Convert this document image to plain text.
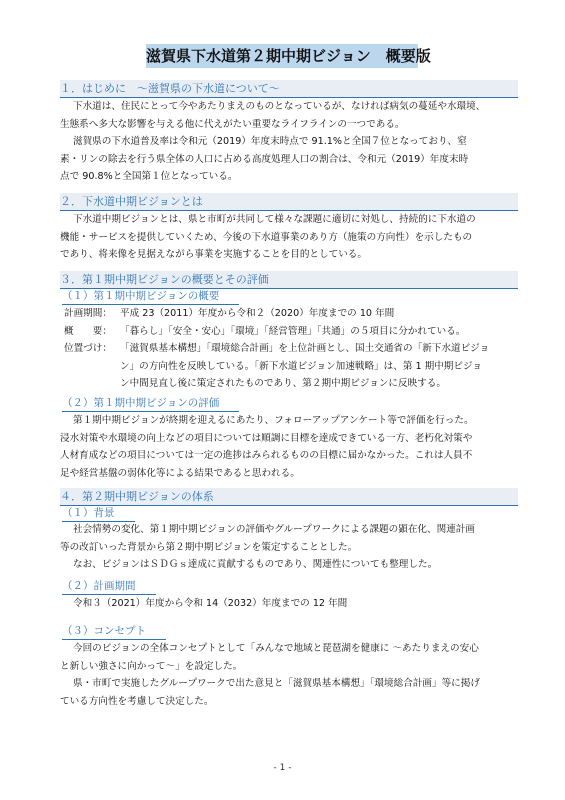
滋賀県下水道第２期中期ビジョン　概要版
１．はじめに　～滋賀県の下水道について～
下水道は、住民にとって今やあたりまえのものとなっているが、なければ病気の蔓延や水環境、
生態系へ多大な影響を与える他に代えがたい重要なライフラインの一つである。
滋賀県の下水道普及率は令和元（2019）年度末時点で 91.1%と全国７位となっており、窒
素・リンの除去を行う県全体の人口に占める高度処理人口の割合は、令和元（2019）年度末時
点で 90.8%と全国第１位となっている。
２．下水道中期ビジョンとは
下水道中期ビジョンとは、県と市町が共同して様々な課題に適切に対処し、持続的に下水道の
機能・サービスを提供していくため、今後の下水道事業のあり方（施策の方向性）を示したもの
であり、将来像を見据えながら事業を実施することを目的としている。
３．第１期中期ビジョンの概要とその評価
（１）第１期中期ビジョンの概要
計画期間： 平成 23（2011）年度から令和２（2020）年度までの 10 年間
概　　要： 「暮らし」「安全・安心」「環境」「経営管理」「共通」の５項目に分かれている。
位置づけ： 「滋賀県基本構想」「環境総合計画」を上位計画とし、国土交通省の「新下水道ビジョ
ン」の方向性を反映している。「新下水道ビジョン加速戦略」は、第 1 期中期ビジョ
ン中間見直し後に策定されたものであり、第２期中期ビジョンに反映する。
（２）第１期中期ビジョンの評価
第１期中期ビジョンが終期を迎えるにあたり、フォローアップアンケート等で評価を行った。
浸水対策や水環境の向上などの項目については順調に目標を達成できている一方、老朽化対策や
人材育成などの項目については一定の進捗はみられるものの目標に届かなかった。これは人員不
足や経営基盤の弱体化等による結果であると思われる。
４．第２期中期ビジョンの体系
（１）背景
社会情勢の変化、第１期中期ビジョンの評価やグループワークによる課題の顕在化、関連計画
等の改訂いった背景から第２期中期ビジョンを策定することとした。
なお、ビジョンはＳＤＧｓ達成に貢献するものであり、関連性についても整理した。
（２）計画期間
令和３（2021）年度から令和 14（2032）年度までの 12 年間
（３）コンセプト
今回のビジョンの全体コンセプトとして「みんなで地域と琵琶湖を健康に ～あたりまえの安心
と新しい強さに向かって～」を設定した。
県・市町で実施したグループワークで出た意見と「滋賀県基本構想」「環境総合計画」等に掲げ
ている方向性を考慮して決定した。
- 1 -
